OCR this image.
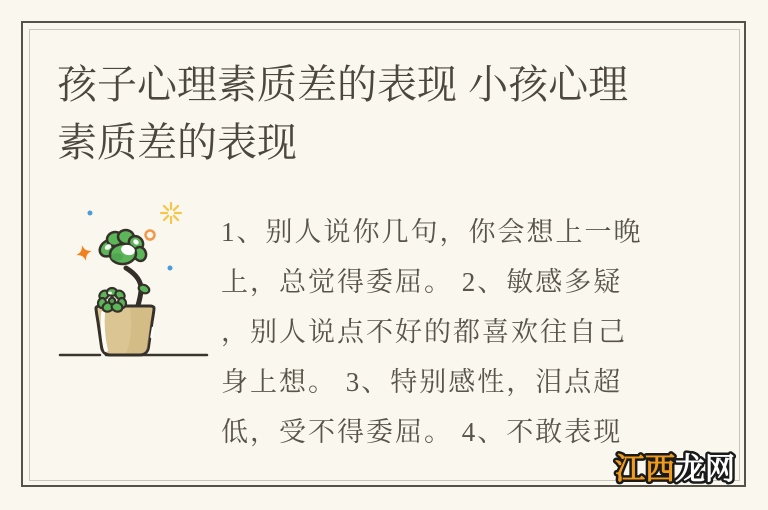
孩子心理素质差的表现 小孩心理素质差的表现
1、别人说你几句，你会想上一晚
上，总觉得委屈。 2、敏感多疑
，别人说点不好的都喜欢往自己
身上想。 3、特别感性，泪点超
低，受不得委屈。 4、不敢表现
江西龙网
